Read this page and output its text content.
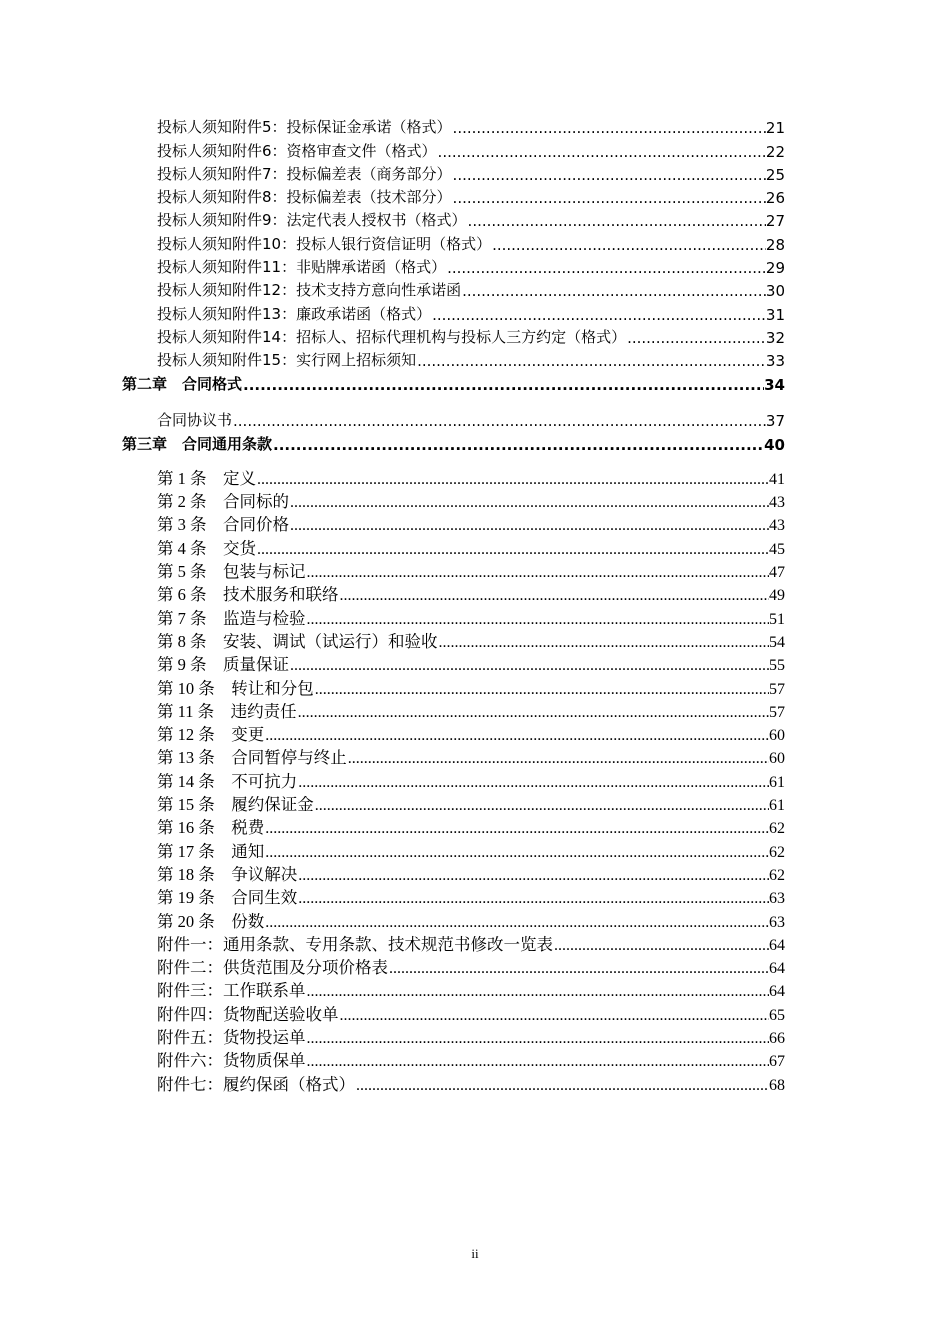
投标人须知附件5：投标保证金承诺（格式） .....	21
投标人须知附件6：资格审查文件（格式） .....	22
投标人须知附件7：投标偏差表（商务部分） .....	25
投标人须知附件8：投标偏差表（技术部分） .....	26
投标人须知附件9：法定代表人授权书（格式） .....	27
投标人须知附件10：投标人银行资信证明（格式） .....	28
投标人须知附件11：非贴牌承诺函（格式） .....	29
投标人须知附件12：技术支持方意向性承诺函 .....	30
投标人须知附件13：廉政承诺函（格式） .....	31
投标人须知附件14：招标人、招标代理机构与投标人三方约定（格式） .....	32
投标人须知附件15：实行网上招标须知 .....	33
第二章　合同格式 .....	34
合同协议书 .....	37
第三章　合同通用条款 .....	40
第 1 条　定义 .....	41
第 2 条　合同标的 .....	43
第 3 条　合同价格 .....	43
第 4 条　交货 .....	45
第 5 条　包装与标记 .....	47
第 6 条　技术服务和联络 .....	49
第 7 条　监造与检验 .....	51
第 8 条　安装、调试（试运行）和验收 .....	54
第 9 条　质量保证 .....	55
第 10 条　转让和分包 .....	57
第 11 条　违约责任 .....	57
第 12 条　变更 .....	60
第 13 条　合同暂停与终止 .....	60
第 14 条　不可抗力 .....	61
第 15 条　履约保证金 .....	61
第 16 条　税费 .....	62
第 17 条　通知 .....	62
第 18 条　争议解决 .....	62
第 19 条　合同生效 .....	63
第 20 条　份数 .....	63
附件一：通用条款、专用条款、技术规范书修改一览表 .....	64
附件二：供货范围及分项价格表 .....	64
附件三：工作联系单 .....	64
附件四：货物配送验收单 .....	65
附件五：货物投运单 .....	66
附件六：货物质保单 .....	67
附件七：履约保函（格式） .....	68
ii
